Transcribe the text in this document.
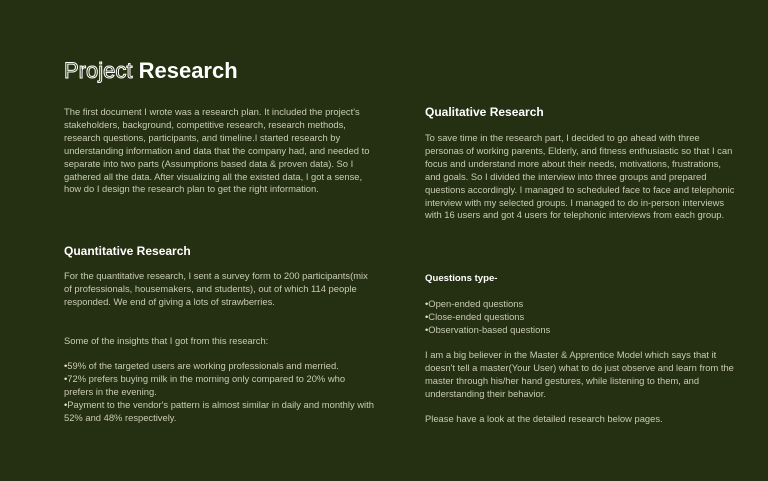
Project Research

The first document I wrote was a research plan. It included the project's stakeholders, background, competitive research, research methods, research questions, participants, and timeline.I started research by understanding information and data that the company had, and needed to separate into two parts (Assumptions based data & proven data). So I gathered all the data. After visualizing all the existed data, I got a sense, how do I design the research plan to get the right information.

Quantitative Research

For the quantitative research, I sent a survey form to 200 participants(mix of professionals, housemakers, and students), out of which 114 people responded. We end of giving a lots of strawberries.

Some of the insights that I got from this research:

• 59% of the targeted users are working professionals and merried.
• 72% prefers buying milk in the morning only compared to 20% who prefers in the evening.
• Payment to the vendor's pattern is almost similar in daily and monthly with 52% and 48% respectively.

Qualitative Research

To save time in the research part, I decided to go ahead with three personas of working parents, Elderly, and fitness enthusiastic so that I can focus and understand more about their needs, motivations, frustrations, and goals. So I divided the interview into three groups and prepared questions accordingly. I managed to scheduled face to face and telephonic interview with my selected groups. I managed to do in-person interviews with 16 users and got 4 users for telephonic interviews from each group.

Questions type-

• Open-ended questions
• Close-ended questions
• Observation-based questions

I am a big believer in the Master & Apprentice Model which says that it doesn't tell a master(Your User) what to do just observe and learn from the master through his/her hand gestures, while listening to them, and understanding their behavior.

Please have a look at the detailed research below pages.
